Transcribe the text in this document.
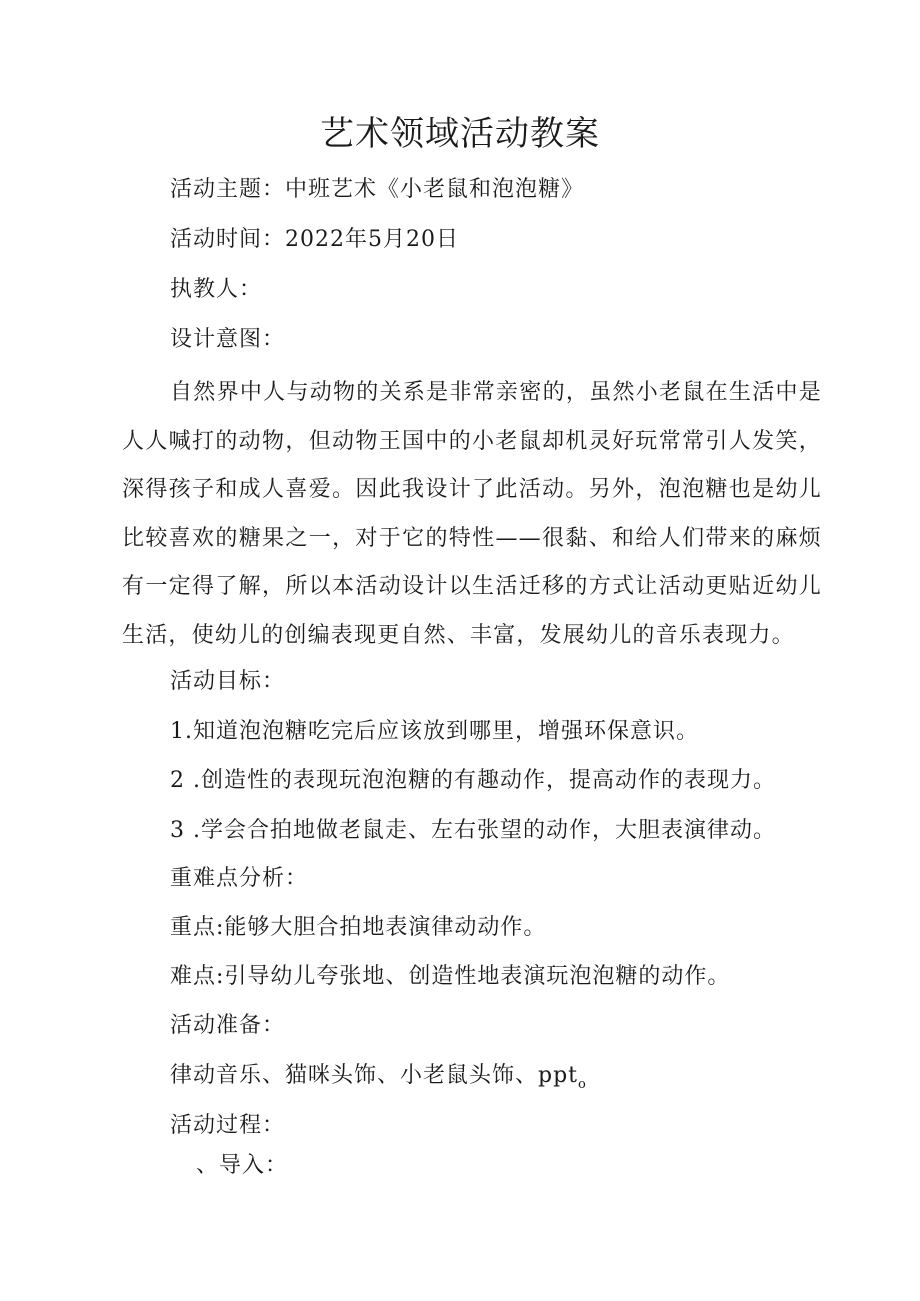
艺术领域活动教案
活动主题：中班艺术《小老鼠和泡泡糖》
活动时间：2022年5月20日
执教人：
设计意图：
自然界中人与动物的关系是非常亲密的，虽然小老鼠在生活中是人人喊打的动物，但动物王国中的小老鼠却机灵好玩常常引人发笑，深得孩子和成人喜爱。因此我设计了此活动。另外，泡泡糖也是幼儿比较喜欢的糖果之一，对于它的特性——很黏、和给人们带来的麻烦有一定得了解，所以本活动设计以生活迁移的方式让活动更贴近幼儿生活，使幼儿的创编表现更自然、丰富，发展幼儿的音乐表现力。
活动目标：
1.知道泡泡糖吃完后应该放到哪里，增强环保意识。
2 .创造性的表现玩泡泡糖的有趣动作，提高动作的表现力。
3 .学会合拍地做老鼠走、左右张望的动作，大胆表演律动。
重难点分析：
重点:能够大胆合拍地表演律动动作。
难点:引导幼儿夸张地、创造性地表演玩泡泡糖的动作。
活动准备：
律动音乐、猫咪头饰、小老鼠头饰、ppt$_o$
活动过程：
、导入：
